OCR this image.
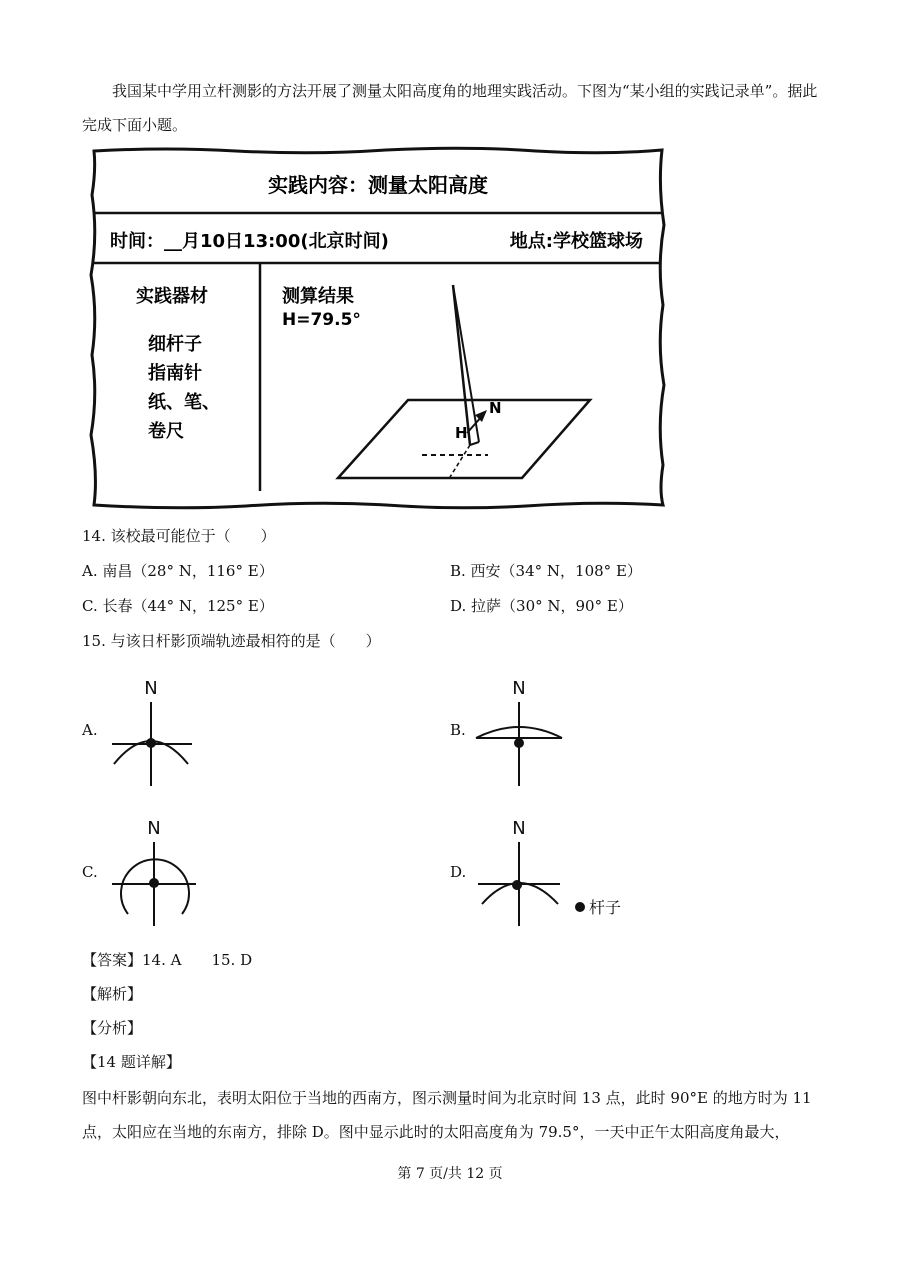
我国某中学用立杆测影的方法开展了测量太阳高度角的地理实践活动。下图为“某小组的实践记录单”。据此完成下面小题。
实践内容：测量太阳高度
时间：__月10日13:00(北京时间)	地点:学校篮球场
实践器材
细杆子
指南针
纸、笔、
卷尺
测算结果
H=79.5°
H
N
14. 该校最可能位于（　　）
A. 南昌（28° N，116° E）	B. 西安（34° N，108° E）
C. 长春（44° N，125° E）	D. 拉萨（30° N，90° E）
15. 与该日杆影顶端轨迹最相符的是（　　）
A.
N
B.
N
C.
N
D.
N
杆子
【答案】14. A　　15. D
【解析】
【分析】
【14 题详解】
图中杆影朝向东北，表明太阳位于当地的西南方，图示测量时间为北京时间 13 点，此时 90°E 的地方时为 11 点，太阳应在当地的东南方，排除 D。图中显示此时的太阳高度角为 79.5°，一天中正午太阳高度角最大，
第 7 页/共 12 页
